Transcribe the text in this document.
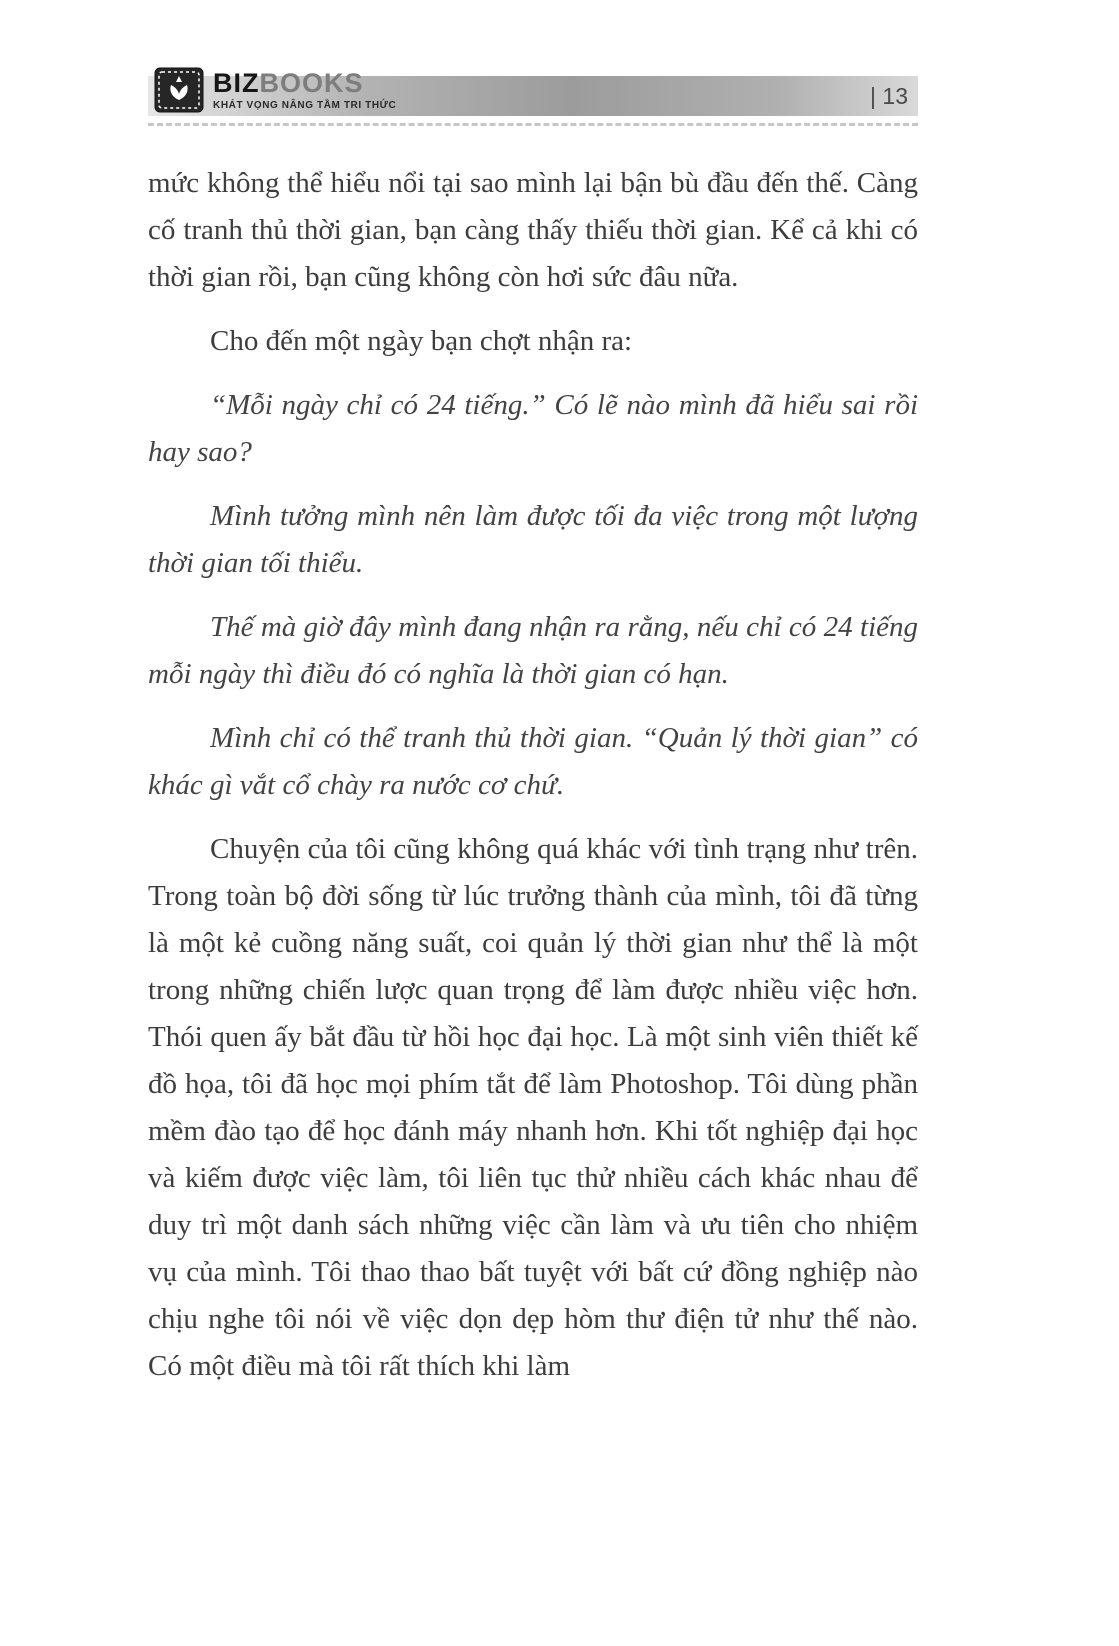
BIZBOOKS
KHÁT VỌNG NÂNG TẦM TRI THỨC	| 13

mức không thể hiểu nổi tại sao mình lại bận bù đầu đến thế. Càng cố tranh thủ thời gian, bạn càng thấy thiếu thời gian. Kể cả khi có thời gian rồi, bạn cũng không còn hơi sức đâu nữa.

Cho đến một ngày bạn chợt nhận ra:

“Mỗi ngày chỉ có 24 tiếng.” Có lẽ nào mình đã hiểu sai rồi hay sao?

Mình tưởng mình nên làm được tối đa việc trong một lượng thời gian tối thiểu.

Thế mà giờ đây mình đang nhận ra rằng, nếu chỉ có 24 tiếng mỗi ngày thì điều đó có nghĩa là thời gian có hạn.

Mình chỉ có thể tranh thủ thời gian. “Quản lý thời gian” có khác gì vắt cổ chày ra nước cơ chứ.

Chuyện của tôi cũng không quá khác với tình trạng như trên. Trong toàn bộ đời sống từ lúc trưởng thành của mình, tôi đã từng là một kẻ cuồng năng suất, coi quản lý thời gian như thể là một trong những chiến lược quan trọng để làm được nhiều việc hơn. Thói quen ấy bắt đầu từ hồi học đại học. Là một sinh viên thiết kế đồ họa, tôi đã học mọi phím tắt để làm Photoshop. Tôi dùng phần mềm đào tạo để học đánh máy nhanh hơn. Khi tốt nghiệp đại học và kiếm được việc làm, tôi liên tục thử nhiều cách khác nhau để duy trì một danh sách những việc cần làm và ưu tiên cho nhiệm vụ của mình. Tôi thao thao bất tuyệt với bất cứ đồng nghiệp nào chịu nghe tôi nói về việc dọn dẹp hòm thư điện tử như thế nào. Có một điều mà tôi rất thích khi làm
